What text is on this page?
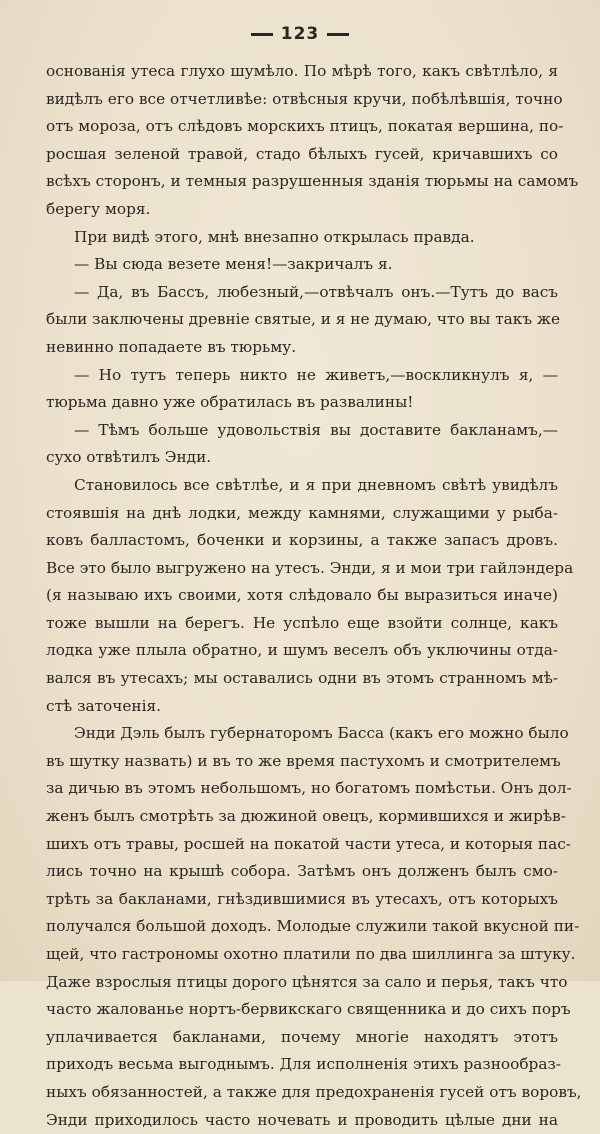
123
основанія утеса глухо шумѣло. По мѣрѣ того, какъ свѣтлѣло, я
видѣлъ его все отчетливѣе: отвѣсныя кручи, побѣлѣвшія, точно
отъ мороза, отъ слѣдовъ морскихъ птицъ, покатая вершина, по-
росшая зеленой травой, стадо бѣлыхъ гусей, кричавшихъ со
всѣхъ сторонъ, и темныя разрушенныя зданія тюрьмы на самомъ
берегу моря.
При видѣ этого, мнѣ внезапно открылась правда.
— Вы сюда везете меня!—закричалъ я.
— Да, въ Бассъ, любезный,—отвѣчалъ онъ.—Тутъ до васъ
были заключены древніе святые, и я не думаю, что вы такъ же
невинно попадаете въ тюрьму.
— Но тутъ теперь никто не живетъ,—воскликнулъ я, —
тюрьма давно уже обратилась въ развалины!
— Тѣмъ больше удовольствія вы доставите бакланамъ,—
сухо отвѣтилъ Энди.
Становилось все свѣтлѣе, и я при дневномъ свѣтѣ увидѣлъ
стоявшія на днѣ лодки, между камнями, служащими у рыба-
ковъ балластомъ, боченки и корзины, а также запасъ дровъ.
Все это было выгружено на утесъ. Энди, я и мои три гайлэндера
(я называю ихъ своими, хотя слѣдовало бы выразиться иначе)
тоже вышли на берегъ. Не успѣло еще взойти солнце, какъ
лодка уже плыла обратно, и шумъ веселъ объ уключины отда-
вался въ утесахъ; мы оставались одни въ этомъ странномъ мѣ-
стѣ заточенія.
Энди Дэль былъ губернаторомъ Басса (какъ его можно было
въ шутку назвать) и въ то же время пастухомъ и смотрителемъ
за дичью въ этомъ небольшомъ, но богатомъ помѣстьи. Онъ дол-
женъ былъ смотрѣть за дюжиной овецъ, кормившихся и жирѣв-
шихъ отъ травы, росшей на покатой части утеса, и которыя пас-
лись точно на крышѣ собора. Затѣмъ онъ долженъ былъ смо-
трѣть за бакланами, гнѣздившимися въ утесахъ, отъ которыхъ
получался большой доходъ. Молодые служили такой вкусной пи-
щей, что гастрономы охотно платили по два шиллинга за штуку.
Даже взрослыя птицы дорого цѣнятся за сало и перья, такъ что
часто жалованье нортъ-бервикскаго священника и до сихъ поръ
уплачивается бакланами, почему многіе находятъ этотъ
приходъ весьма выгоднымъ. Для исполненія этихъ разнообраз-
ныхъ обязанностей, а также для предохраненія гусей отъ воровъ,
Энди приходилось часто ночевать и проводить цѣлые дни на
